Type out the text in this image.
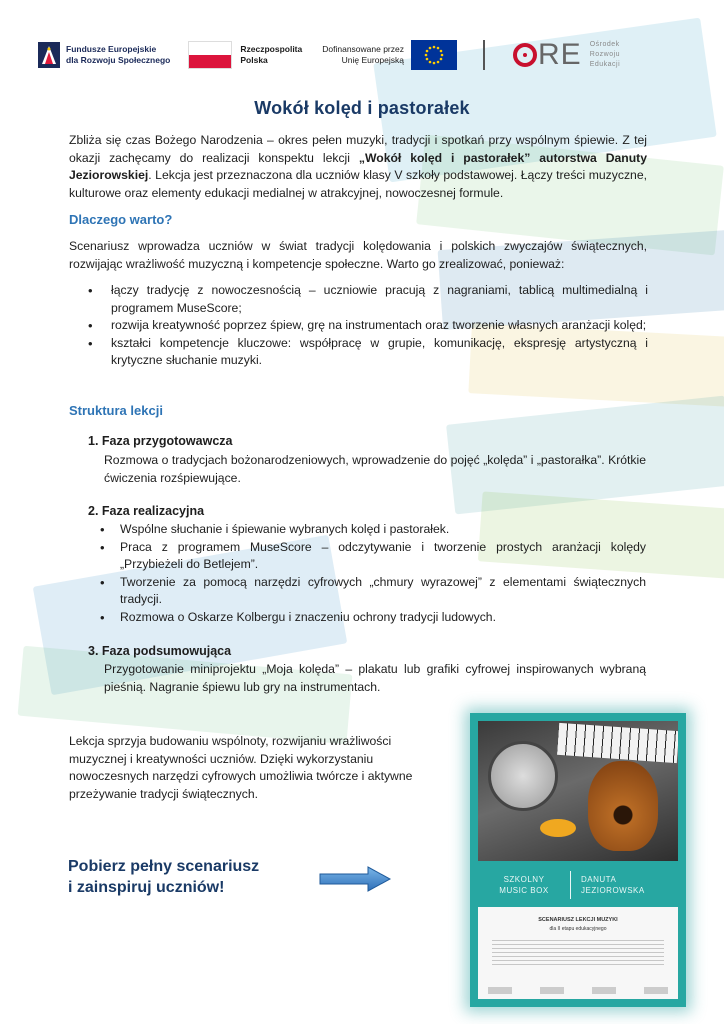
Fundusze Europejskie
dla Rozwoju Społecznego
Rzeczpospolita
Polska
Dofinansowane przez
Unię Europejską	RE Ośrodek
Rozwoju
Edukacji
Wokół kolęd i pastorałek
Zbliża się czas Bożego Narodzenia – okres pełen muzyki, tradycji i spotkań przy wspólnym śpiewie. Z tej okazji zachęcamy do realizacji konspektu lekcji „Wokół kolęd i pastorałek” autorstwa Danuty Jeziorowskiej. Lekcja jest przeznaczona dla uczniów klasy V szkoły podstawowej. Łączy treści muzyczne, kulturowe oraz elementy edukacji medialnej w atrakcyjnej, nowoczesnej formule.
Dlaczego warto?
Scenariusz wprowadza uczniów w świat tradycji kolędowania i polskich zwyczajów świątecznych, rozwijając wrażliwość muzyczną i kompetencje społeczne. Warto go zrealizować, ponieważ:
• łączy tradycję z nowoczesnością – uczniowie pracują z nagraniami, tablicą multimedialną i programem MuseScore;
• rozwija kreatywność poprzez śpiew, grę na instrumentach oraz tworzenie własnych aranżacji kolęd;
• kształci kompetencje kluczowe: współpracę w grupie, komunikację, ekspresję artystyczną i krytyczne słuchanie muzyki.
Struktura lekcji
1. Faza przygotowawcza
Rozmowa o tradycjach bożonarodzeniowych, wprowadzenie do pojęć „kolęda” i „pastorałka”. Krótkie ćwiczenia rozśpiewujące.
2. Faza realizacyjna
• Wspólne słuchanie i śpiewanie wybranych kolęd i pastorałek.
• Praca z programem MuseScore – odczytywanie i tworzenie prostych aranżacji kolędy „Przybieżeli do Betlejem”.
• Tworzenie za pomocą narzędzi cyfrowych „chmury wyrazowej” z elementami świątecznych tradycji.
• Rozmowa o Oskarze Kolbergu i znaczeniu ochrony tradycji ludowych.
3. Faza podsumowująca
Przygotowanie miniprojektu „Moja kolęda” – plakatu lub grafiki cyfrowej inspirowanych wybraną pieśnią. Nagranie śpiewu lub gry na instrumentach.
Lekcja sprzyja budowaniu wspólnoty, rozwijaniu wrażliwości muzycznej i kreatywności uczniów. Dzięki wykorzystaniu nowoczesnych narzędzi cyfrowych umożliwia twórcze i aktywne przeżywanie tradycji świątecznych.
Pobierz pełny scenariusz
i zainspiruj uczniów!	SZKOLNY
MUSIC BOX
DANUTA
JEZIOROWSKA
SCENARIUSZ LEKCJI MUZYKI
dla II etapu edukacyjnego
